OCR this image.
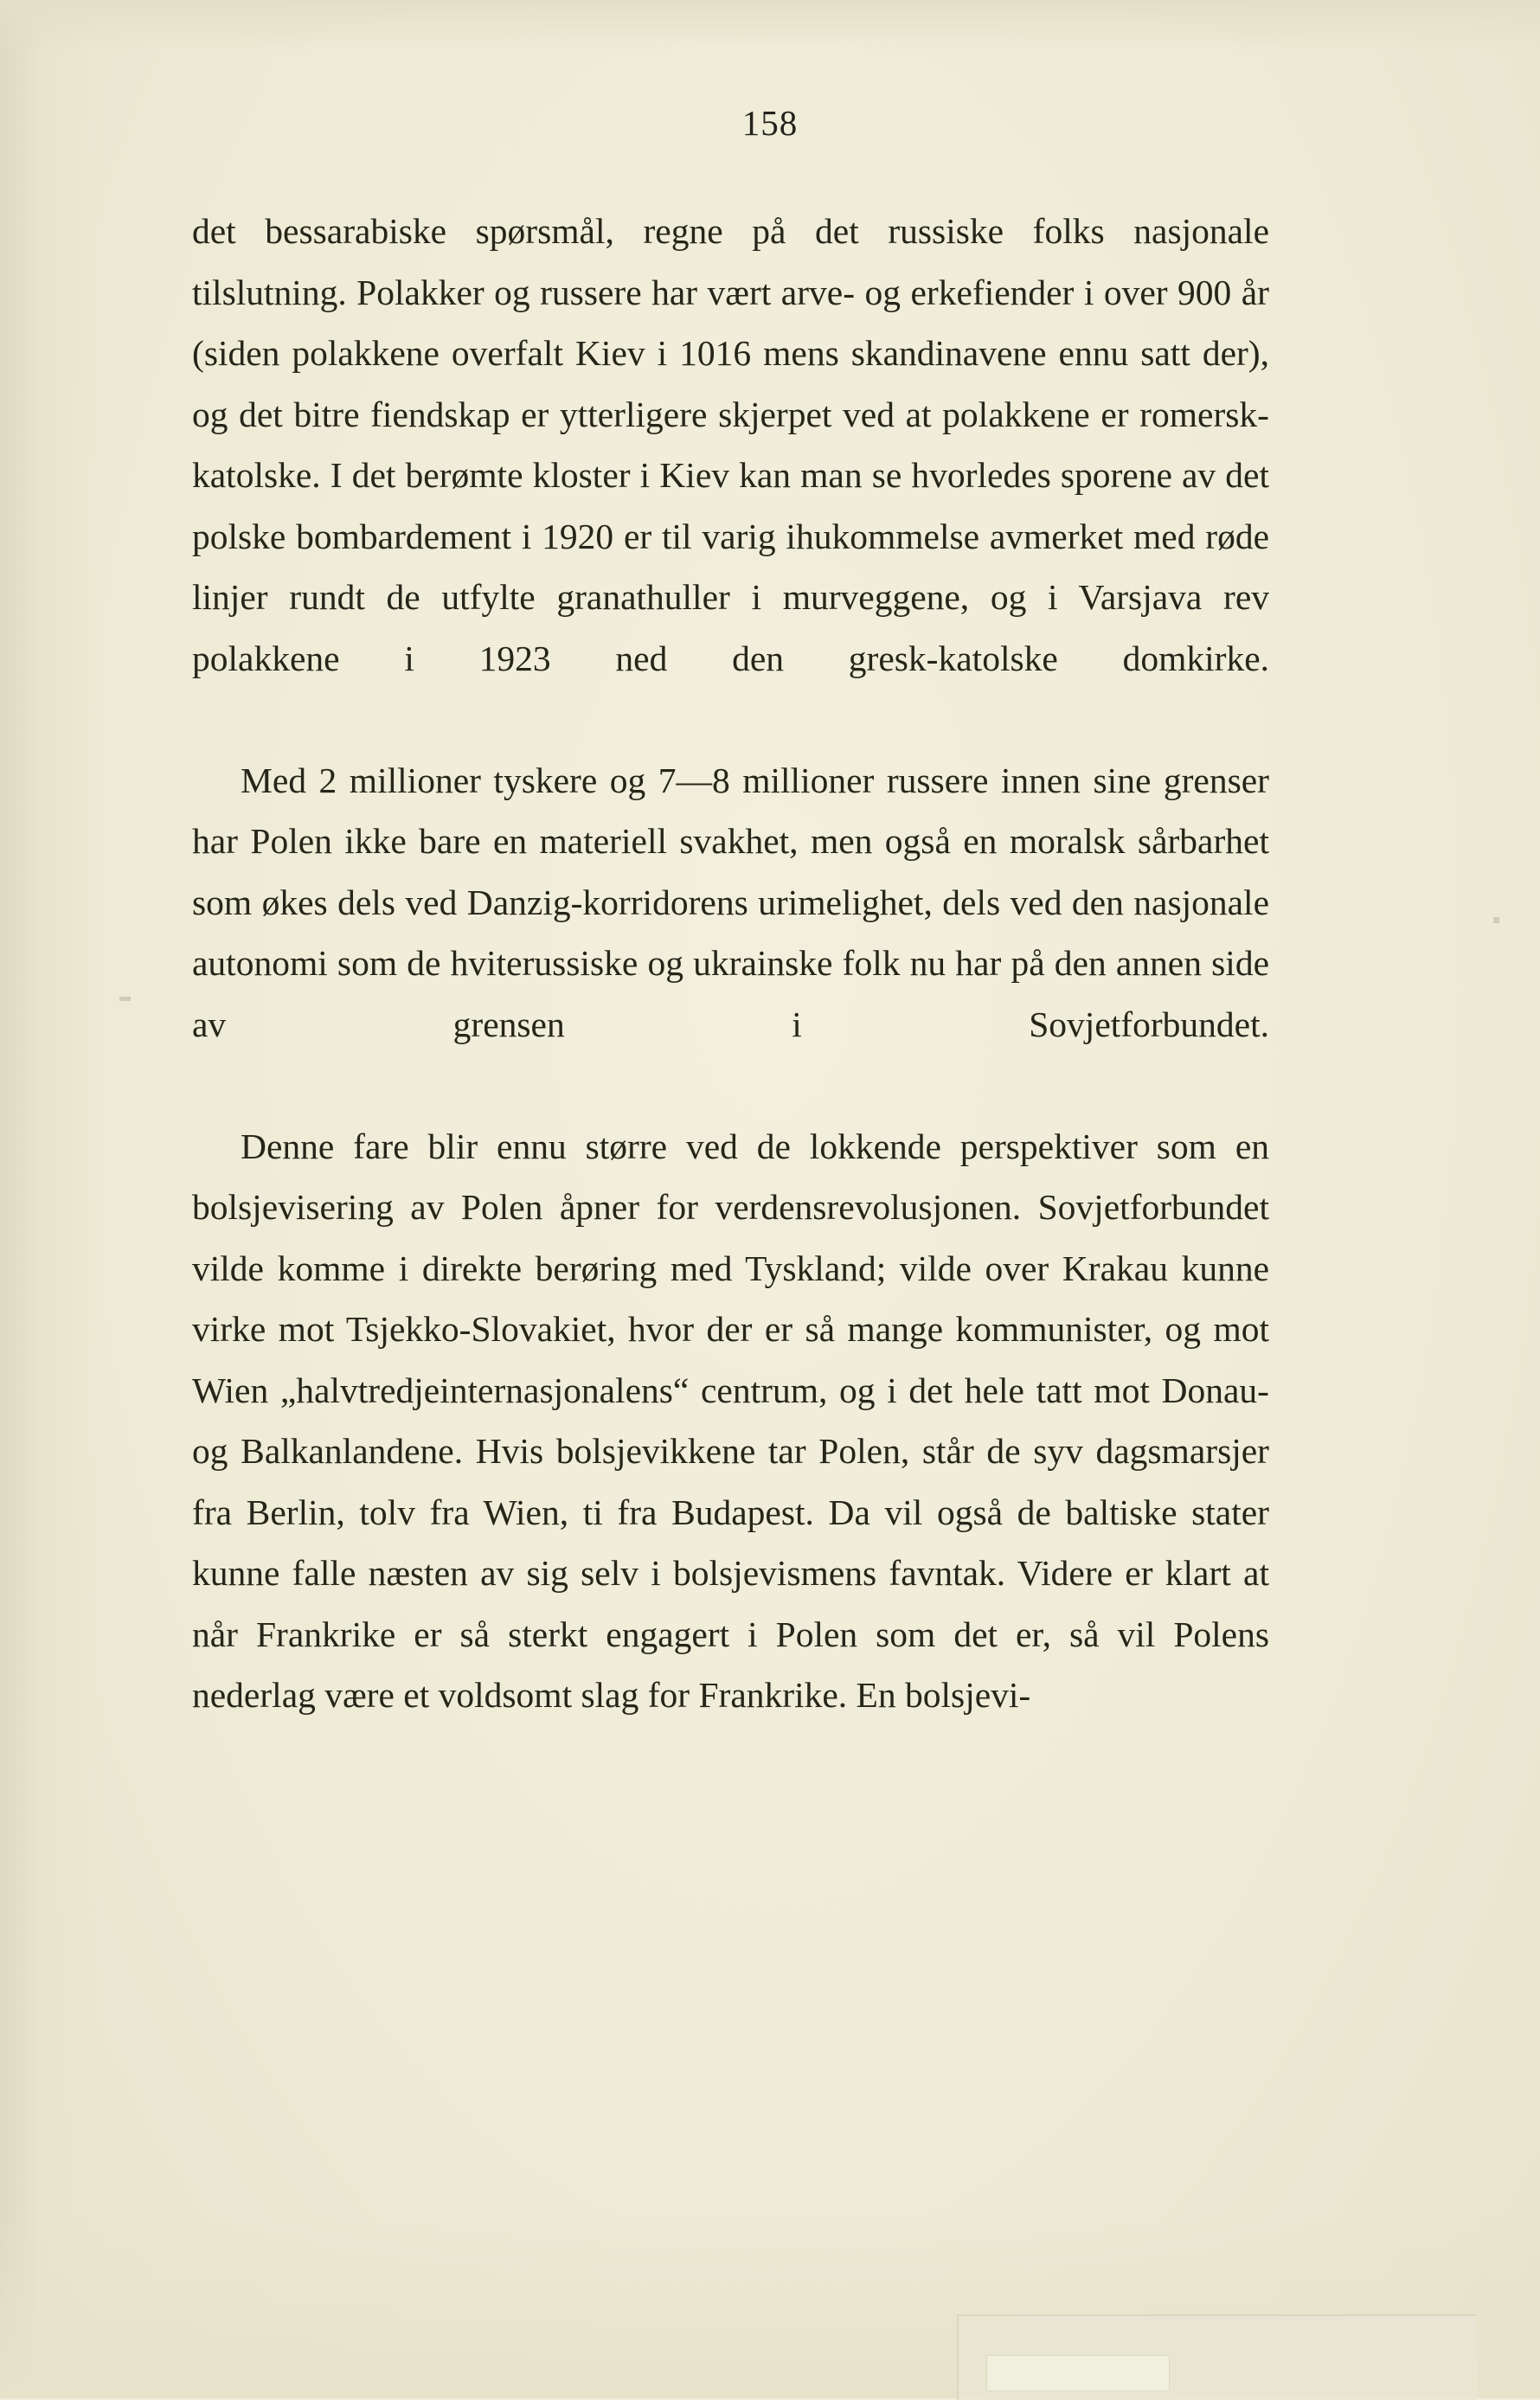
158

det bessarabiske spørsmål, regne på det russiske folks nasjonale tilslutning. Polakker og russere har vært arve- og erkefiender i over 900 år (siden polakkene overfalt Kiev i 1016 mens skandinavene ennu satt der), og det bitre fiendskap er ytterligere skjerpet ved at polakkene er romersk-katolske. I det berømte kloster i Kiev kan man se hvorledes sporene av det polske bombardement i 1920 er til varig ihukommelse avmerket med røde linjer rundt de utfylte granathuller i murveggene, og i Varsjava rev polakkene i 1923 ned den gresk-katolske domkirke.

Med 2 millioner tyskere og 7—8 millioner russere innen sine grenser har Polen ikke bare en materiell svakhet, men også en moralsk sårbarhet som økes dels ved Danzig-korridorens urimelighet, dels ved den nasjonale autonomi som de hviterussiske og ukrainske folk nu har på den annen side av grensen i Sovjetforbundet.

Denne fare blir ennu større ved de lokkende perspektiver som en bolsjevisering av Polen åpner for verdensrevolusjonen. Sovjetforbundet vilde komme i direkte berøring med Tyskland; vilde over Krakau kunne virke mot Tsjekko-Slovakiet, hvor der er så mange kommunister, og mot Wien „halvtredjeinternasjonalens“ centrum, og i det hele tatt mot Donau- og Balkanlandene. Hvis bolsjevikkene tar Polen, står de syv dagsmarsjer fra Berlin, tolv fra Wien, ti fra Budapest. Da vil også de baltiske stater kunne falle næsten av sig selv i bolsjevismens favntak. Videre er klart at når Frankrike er så sterkt engagert i Polen som det er, så vil Polens nederlag være et voldsomt slag for Frankrike. En bolsjevi-
